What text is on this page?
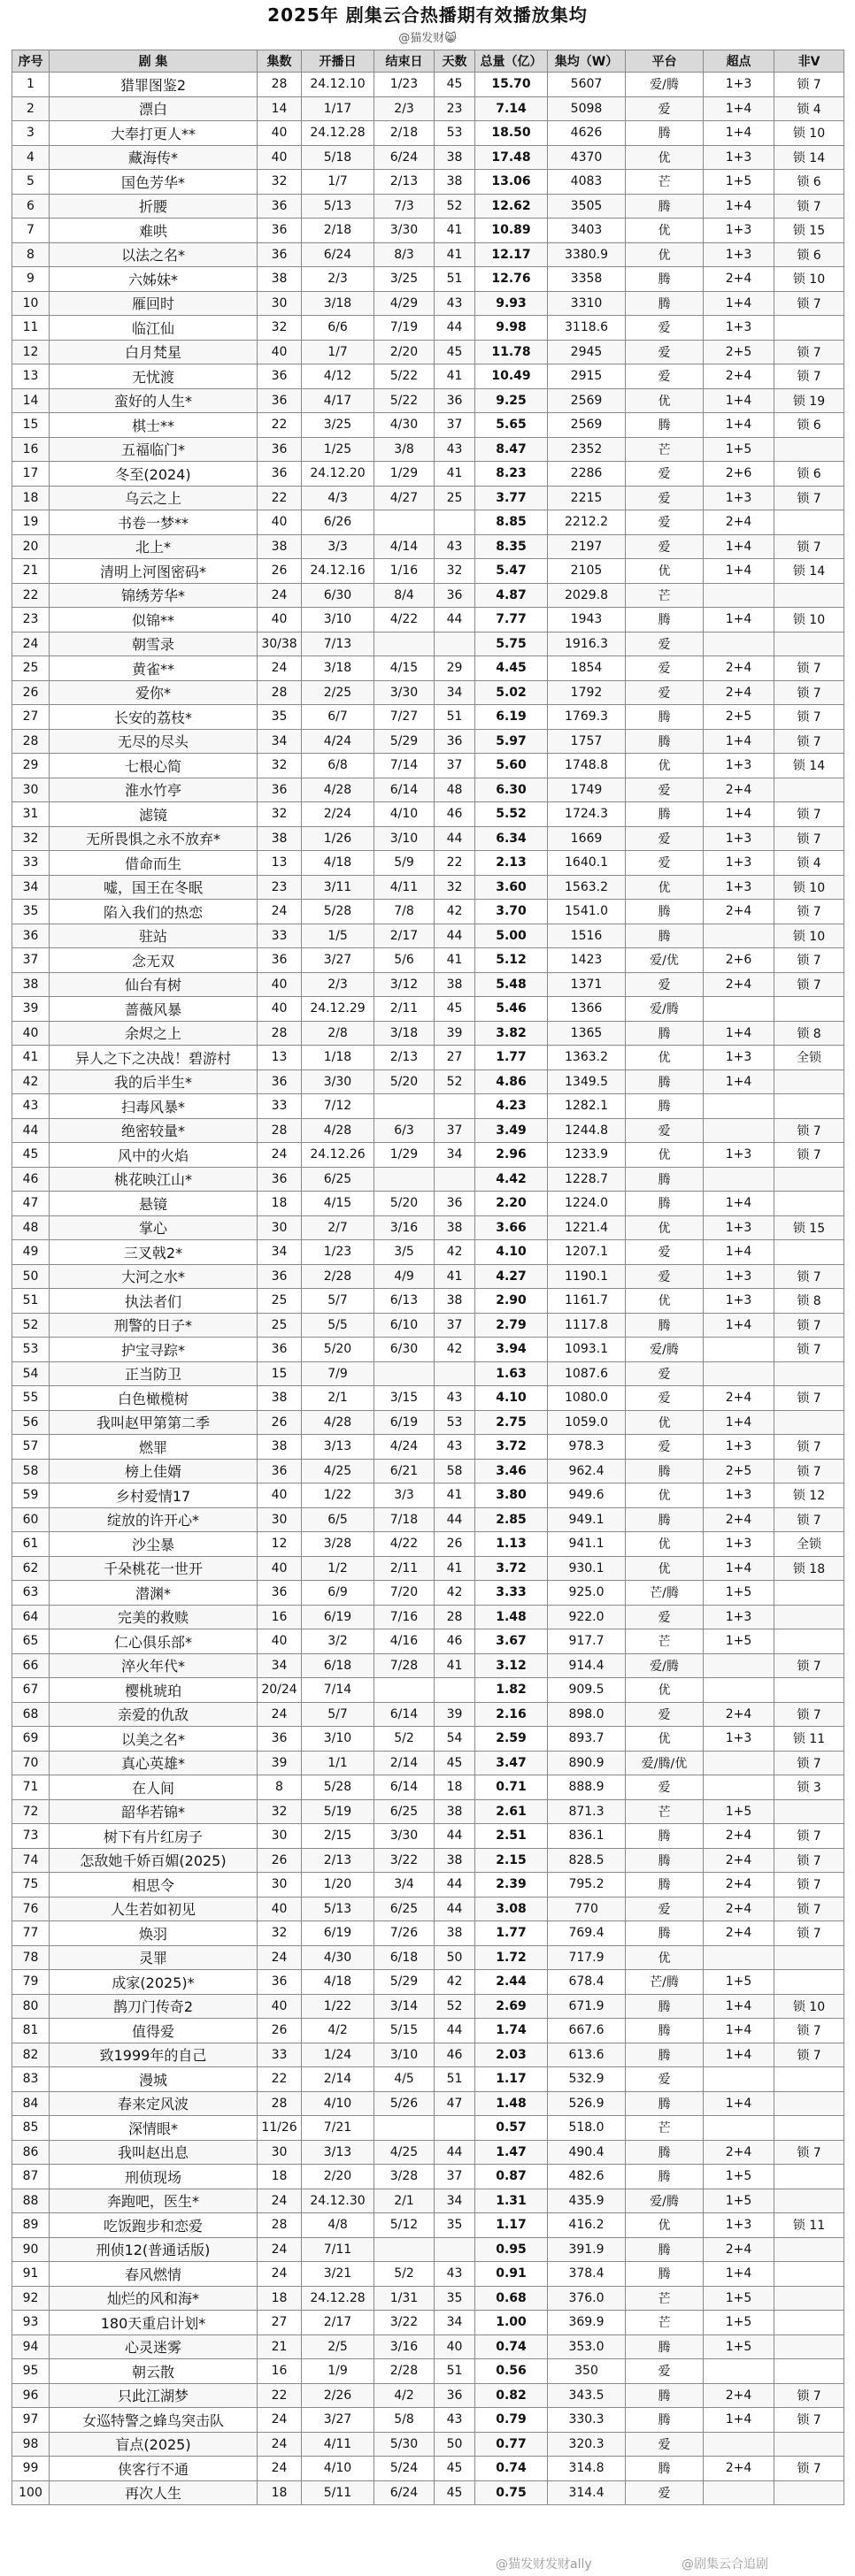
2025年 剧集云合热播期有效播放集均
@猫发财😸
序号	剧 集	集数	开播日	结束日	天数	总量（亿）	集均（W）	平台	超点	非V
1	猎罪图鉴2	28	24.12.10	1/23	45	15.70	5607	爱/腾	1+3	锁 7
2	漂白	14	1/17	2/3	23	7.14	5098	爱	1+4	锁 4
3	大奉打更人**	40	24.12.28	2/18	53	18.50	4626	腾	1+4	锁 10
4	藏海传*	40	5/18	6/24	38	17.48	4370	优	1+3	锁 14
5	国色芳华*	32	1/7	2/13	38	13.06	4083	芒	1+5	锁 6
6	折腰	36	5/13	7/3	52	12.62	3505	腾	1+4	锁 7
7	难哄	36	2/18	3/30	41	10.89	3403	优	1+3	锁 15
8	以法之名*	36	6/24	8/3	41	12.17	3380.9	优	1+3	锁 6
9	六姊妹*	38	2/3	3/25	51	12.76	3358	腾	2+4	锁 10
10	雁回时	30	3/18	4/29	43	9.93	3310	腾	1+4	锁 7
11	临江仙	32	6/6	7/19	44	9.98	3118.6	爱	1+3	
12	白月梵星	40	1/7	2/20	45	11.78	2945	爱	2+5	锁 7
13	无忧渡	36	4/12	5/22	41	10.49	2915	爱	2+4	锁 7
14	蛮好的人生*	36	4/17	5/22	36	9.25	2569	优	1+4	锁 19
15	棋士**	22	3/25	4/30	37	5.65	2569	腾	1+4	锁 6
16	五福临门*	36	1/25	3/8	43	8.47	2352	芒	1+5	
17	冬至(2024)	36	24.12.20	1/29	41	8.23	2286	爱	2+6	锁 6
18	乌云之上	22	4/3	4/27	25	3.77	2215	爱	1+3	锁 7
19	书卷一梦**	40	6/26			8.85	2212.2	爱	2+4	
20	北上*	38	3/3	4/14	43	8.35	2197	爱	1+4	锁 7
21	清明上河图密码*	26	24.12.16	1/16	32	5.47	2105	优	1+4	锁 14
22	锦绣芳华*	24	6/30	8/4	36	4.87	2029.8	芒		
23	似锦**	40	3/10	4/22	44	7.77	1943	腾	1+4	锁 10
24	朝雪录	30/38	7/13			5.75	1916.3	爱		
25	黄雀**	24	3/18	4/15	29	4.45	1854	爱	2+4	锁 7
26	爱你*	28	2/25	3/30	34	5.02	1792	爱	2+4	锁 7
27	长安的荔枝*	35	6/7	7/27	51	6.19	1769.3	腾	2+5	锁 7
28	无尽的尽头	34	4/24	5/29	36	5.97	1757	腾	1+4	锁 7
29	七根心简	32	6/8	7/14	37	5.60	1748.8	优	1+3	锁 14
30	淮水竹亭	36	4/28	6/14	48	6.30	1749	爱	2+4	
31	滤镜	32	2/24	4/10	46	5.52	1724.3	腾	1+4	锁 7
32	无所畏惧之永不放弃*	38	1/26	3/10	44	6.34	1669	爱	1+3	锁 7
33	借命而生	13	4/18	5/9	22	2.13	1640.1	爱	1+3	锁 4
34	嘘，国王在冬眠	23	3/11	4/11	32	3.60	1563.2	优	1+3	锁 10
35	陷入我们的热恋	24	5/28	7/8	42	3.70	1541.0	腾	2+4	锁 7
36	驻站	33	1/5	2/17	44	5.00	1516	腾		锁 10
37	念无双	36	3/27	5/6	41	5.12	1423	爱/优	2+6	锁 7
38	仙台有树	40	2/3	3/12	38	5.48	1371	爱	2+4	锁 7
39	蔷薇风暴	40	24.12.29	2/11	45	5.46	1366	爱/腾		
40	余烬之上	28	2/8	3/18	39	3.82	1365	腾	1+4	锁 8
41	异人之下之决战！碧游村	13	1/18	2/13	27	1.77	1363.2	优	1+3	全锁
42	我的后半生*	36	3/30	5/20	52	4.86	1349.5	腾	1+4	
43	扫毒风暴*	33	7/12			4.23	1282.1	腾		
44	绝密较量*	28	4/28	6/3	37	3.49	1244.8	爱		锁 7
45	风中的火焰	24	24.12.26	1/29	34	2.96	1233.9	优	1+3	锁 7
46	桃花映江山*	36	6/25			4.42	1228.7	腾		
47	悬镜	18	4/15	5/20	36	2.20	1224.0	腾	1+4	
48	掌心	30	2/7	3/16	38	3.66	1221.4	优	1+3	锁 15
49	三叉戟2*	34	1/23	3/5	42	4.10	1207.1	爱	1+4	
50	大河之水*	36	2/28	4/9	41	4.27	1190.1	爱	1+3	锁 7
51	执法者们	25	5/7	6/13	38	2.90	1161.7	优	1+3	锁 8
52	刑警的日子*	25	5/5	6/10	37	2.79	1117.8	腾	1+4	锁 7
53	护宝寻踪*	36	5/20	6/30	42	3.94	1093.1	爱/腾		锁 7
54	正当防卫	15	7/9			1.63	1087.6	爱		
55	白色橄榄树	38	2/1	3/15	43	4.10	1080.0	爱	2+4	锁 7
56	我叫赵甲第第二季	26	4/28	6/19	53	2.75	1059.0	优	1+4	
57	燃罪	38	3/13	4/24	43	3.72	978.3	爱	1+3	锁 7
58	榜上佳婿	36	4/25	6/21	58	3.46	962.4	腾	2+5	锁 7
59	乡村爱情17	40	1/22	3/3	41	3.80	949.6	优	1+3	锁 12
60	绽放的许开心*	30	6/5	7/18	44	2.85	949.1	腾	2+4	锁 7
61	沙尘暴	12	3/28	4/22	26	1.13	941.1	优	1+3	全锁
62	千朵桃花一世开	40	1/2	2/11	41	3.72	930.1	优	1+4	锁 18
63	潜渊*	36	6/9	7/20	42	3.33	925.0	芒/腾	1+5	
64	完美的救赎	16	6/19	7/16	28	1.48	922.0	爱	1+3	
65	仁心俱乐部*	40	3/2	4/16	46	3.67	917.7	芒	1+5	
66	淬火年代*	34	6/18	7/28	41	3.12	914.4	爱/腾		锁 7
67	樱桃琥珀	20/24	7/14			1.82	909.5	优		
68	亲爱的仇敌	24	5/7	6/14	39	2.16	898.0	爱	2+4	锁 7
69	以美之名*	36	3/10	5/2	54	2.59	893.7	优	1+3	锁 11
70	真心英雄*	39	1/1	2/14	45	3.47	890.9	爱/腾/优		锁 7
71	在人间	8	5/28	6/14	18	0.71	888.9	爱		锁 3
72	韶华若锦*	32	5/19	6/25	38	2.61	871.3	芒	1+5	
73	树下有片红房子	30	2/15	3/30	44	2.51	836.1	腾	2+4	锁 7
74	怎敌她千娇百媚(2025)	26	2/13	3/22	38	2.15	828.5	腾	2+4	锁 7
75	相思令	30	1/20	3/4	44	2.39	795.2	腾	2+4	锁 7
76	人生若如初见	40	5/13	6/25	44	3.08	770	爱	2+4	锁 7
77	焕羽	32	6/19	7/26	38	1.77	769.4	腾	2+4	锁 7
78	灵罪	24	4/30	6/18	50	1.72	717.9	优		
79	成家(2025)*	36	4/18	5/29	42	2.44	678.4	芒/腾	1+5	
80	鹊刀门传奇2	40	1/22	3/14	52	2.69	671.9	腾	1+4	锁 10
81	值得爱	26	4/2	5/15	44	1.74	667.6	腾	1+4	锁 7
82	致1999年的自己	33	1/24	3/10	46	2.03	613.6	腾	1+4	锁 7
83	漫城	22	2/14	4/5	51	1.17	532.9	爱		
84	春来定风波	28	4/10	5/26	47	1.48	526.9	腾	1+4	
85	深情眼*	11/26	7/21			0.57	518.0	芒		
86	我叫赵出息	30	3/13	4/25	44	1.47	490.4	腾	2+4	锁 7
87	刑侦现场	18	2/20	3/28	37	0.87	482.6	腾	1+5	
88	奔跑吧，医生*	24	24.12.30	2/1	34	1.31	435.9	爱/腾	1+5	
89	吃饭跑步和恋爱	28	4/8	5/12	35	1.17	416.2	优	1+3	锁 11
90	刑侦12(普通话版)	24	7/11			0.95	391.9	腾	2+4	
91	春风燃情	24	3/21	5/2	43	0.91	378.4	腾	1+4	
92	灿烂的风和海*	18	24.12.28	1/31	35	0.68	376.0	芒	1+5	
93	180天重启计划*	27	2/17	3/22	34	1.00	369.9	芒	1+5	
94	心灵迷雾	21	2/5	3/16	40	0.74	353.0	腾	1+5	
95	朝云散	16	1/9	2/28	51	0.56	350	爱		
96	只此江湖梦	22	2/26	4/2	36	0.82	343.5	腾	2+4	锁 7
97	女巡特警之蜂鸟突击队	24	3/27	5/8	43	0.79	330.3	腾	1+4	锁 7
98	盲点(2025)	24	4/11	5/30	50	0.77	320.3	爱		
99	侠客行不通	24	4/10	5/24	45	0.74	314.8	腾	2+4	锁 7
100	再次人生	18	5/11	6/24	45	0.75	314.4	爱		
@猫发财发财ally	@剧集云合追剧
